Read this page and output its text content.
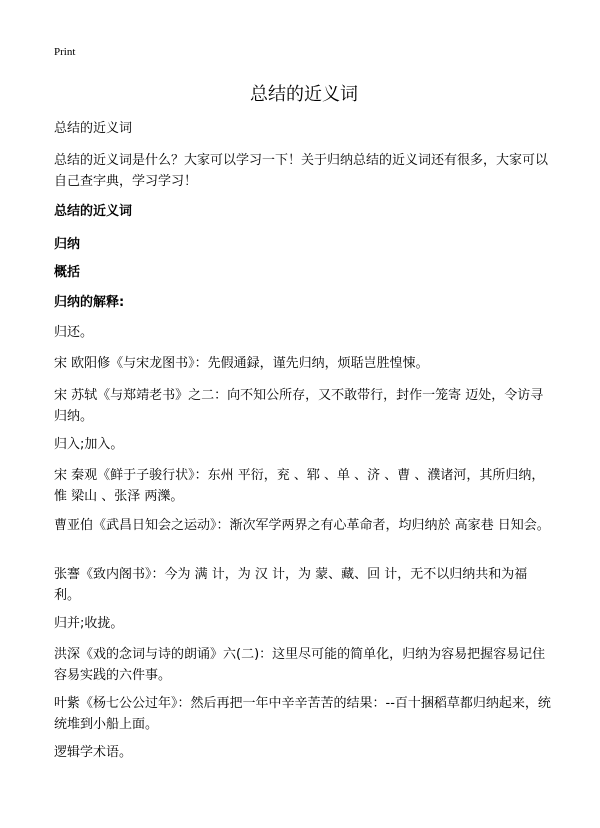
Print
总结的近义词

总结的近义词

总结的近义词是什么？大家可以学习一下！关于归纳总结的近义词还有很多，大家可以自己查字典，学习学习！

总结的近义词

归纳

概括

归纳的解释:

归还。

宋 欧阳修《与宋龙图书》：先假通録，谨先归纳，烦聒岂胜惶悚。

宋 苏轼《与郑靖老书》之二：向不知公所存，又不敢带行，封作一笼寄 迈处，令访寻归纳。

归入;加入。

宋 秦观《鲜于子骏行状》：东州 平衍，兖 、郓 、单 、济 、曹 、濮诸河，其所归纳，惟 梁山 、张泽 两濼。

曹亚伯《武昌日知会之运动》：渐次军学两界之有心革命者，均归纳於 高家巷 日知会。

张謇《致内阁书》：今为 满 计，为 汉 计，为 蒙、藏、回 计，无不以归纳共和为福利。

归并;收拢。

洪深《戏的念词与诗的朗诵》六(二)：这里尽可能的简单化，归纳为容易把握容易记住容易实践的六件事。

叶紫《杨七公公过年》：然后再把一年中辛辛苦苦的结果：--百十捆稻草都归纳起来，统统堆到小船上面。

逻辑学术语。
